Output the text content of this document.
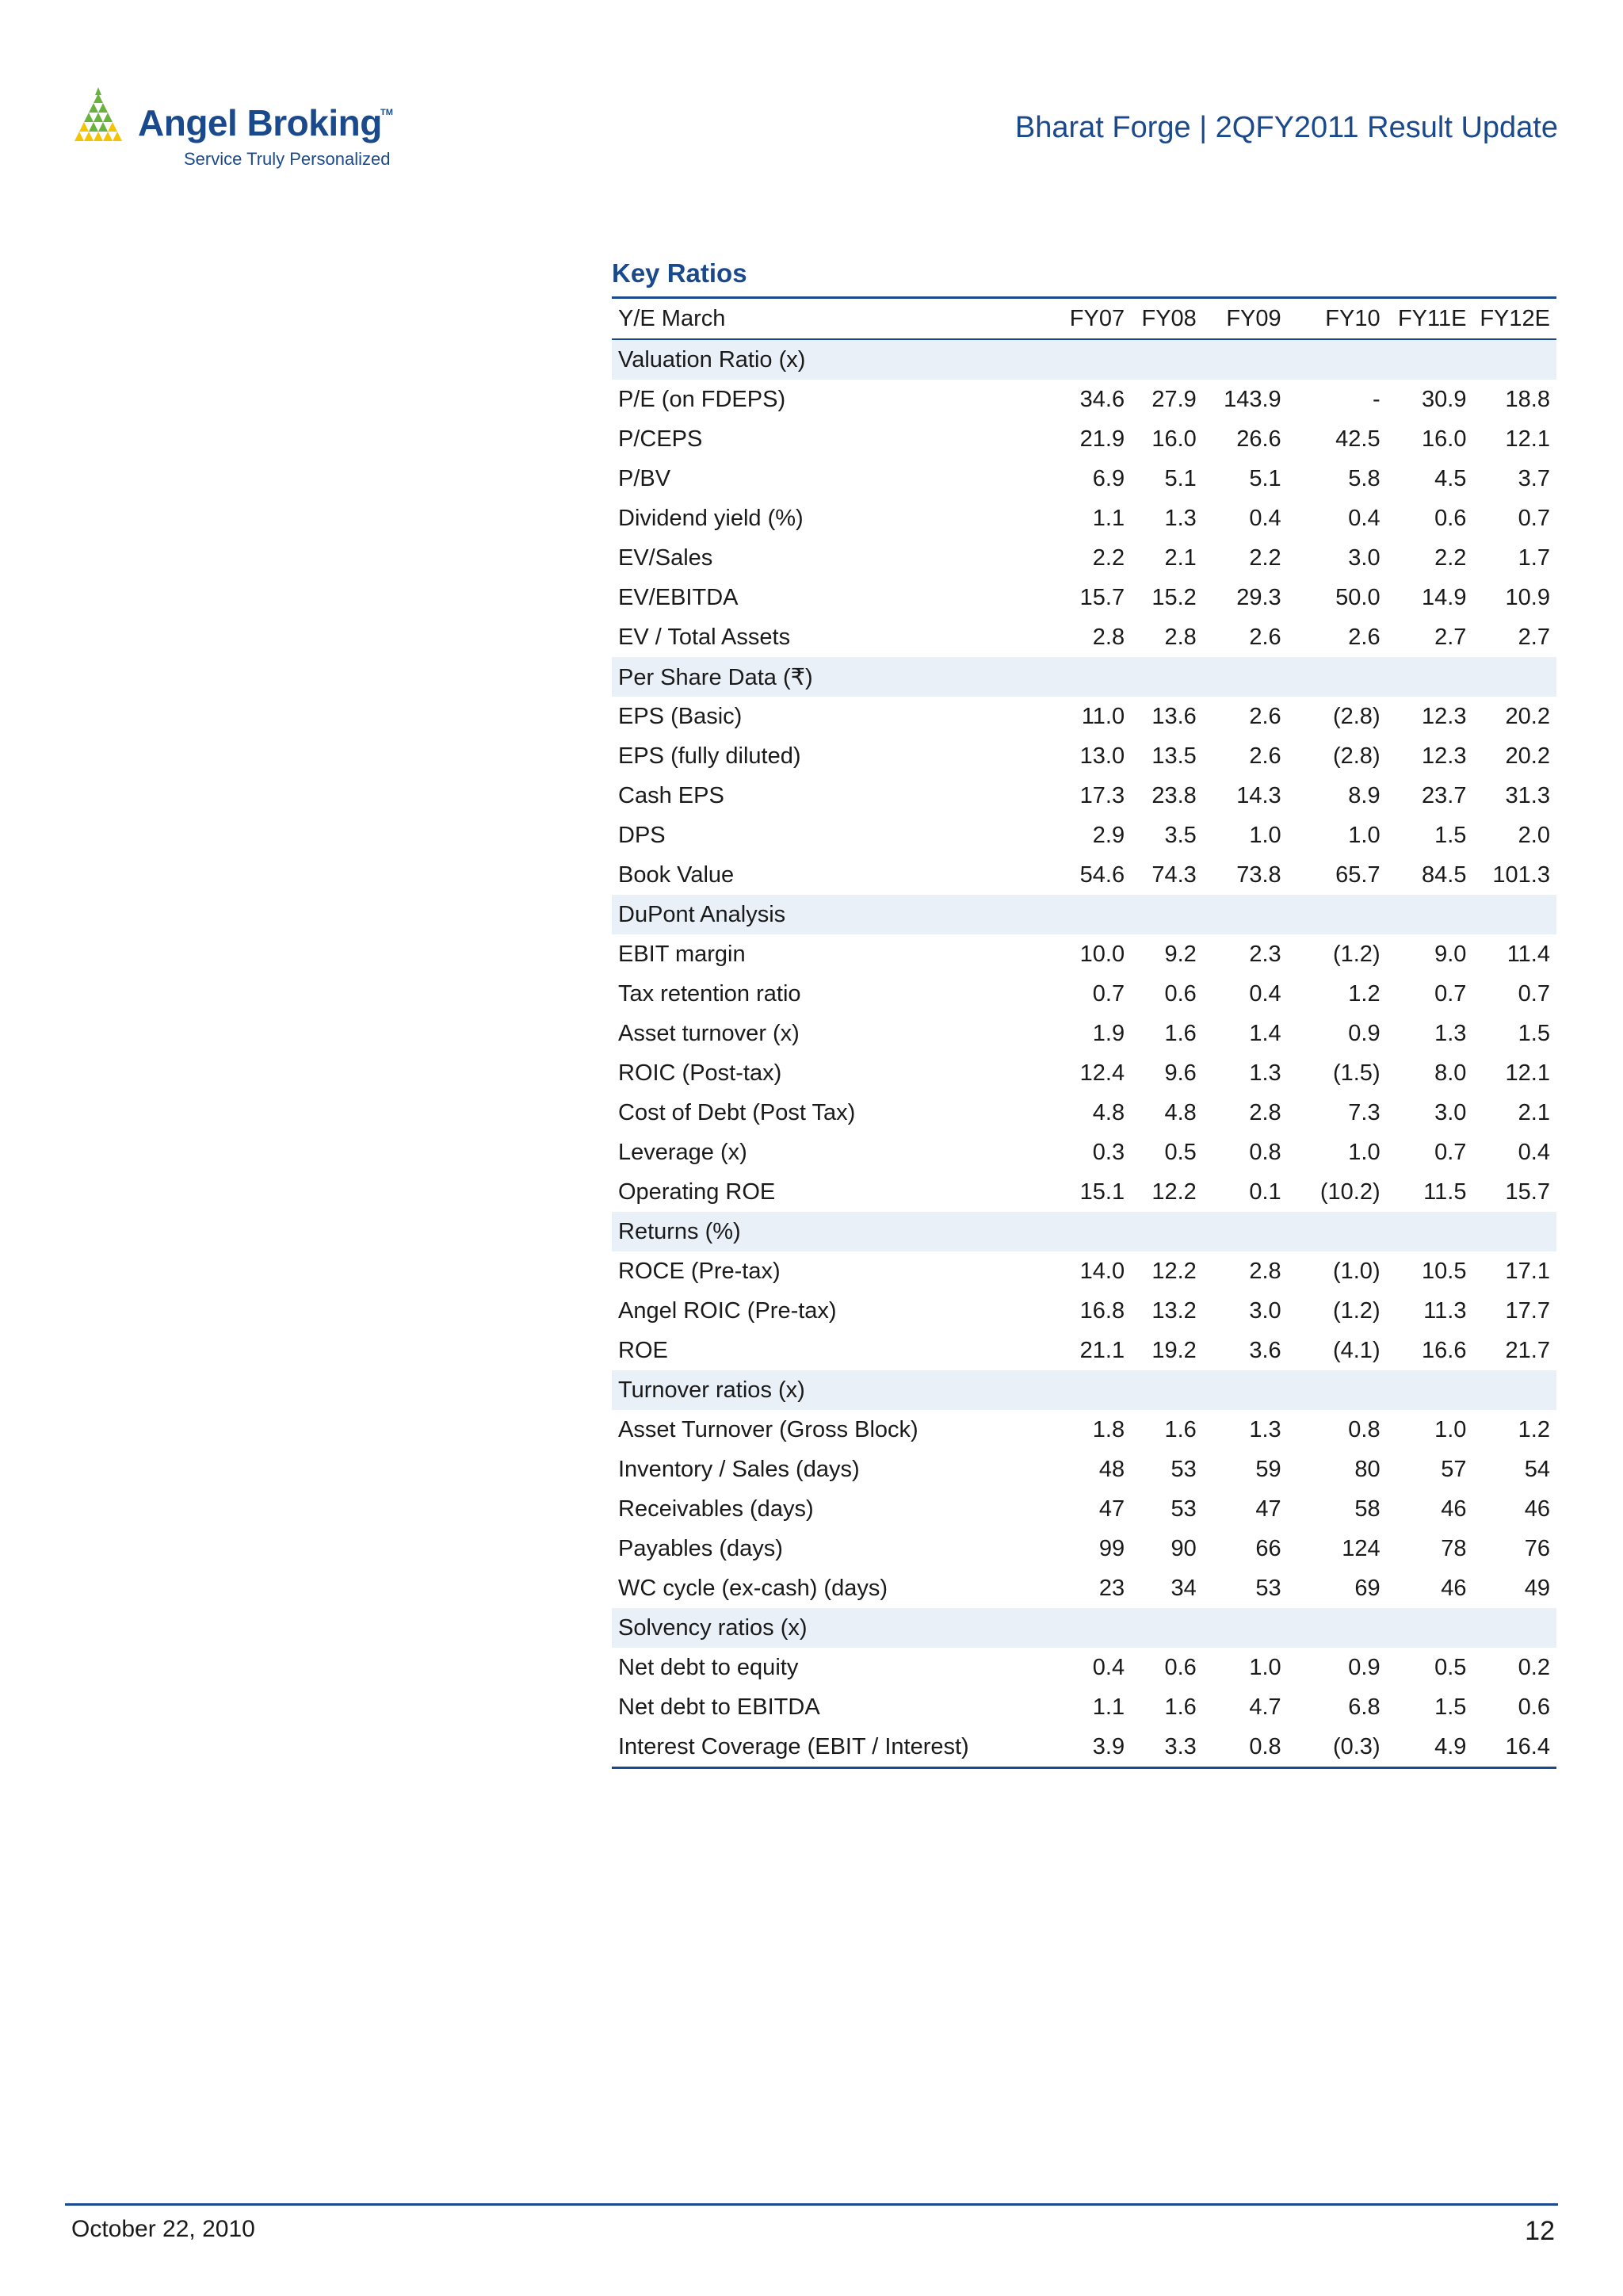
Angel Broking
TM
Service Truly Personalized
Bharat Forge | 2QFY2011 Result Update
Key Ratios
Y/E March	FY07	FY08	FY09	FY10	FY11E	FY12E
Valuation Ratio (x)						
P/E (on FDEPS)	34.6	27.9	143.9	-	30.9	18.8
P/CEPS	21.9	16.0	26.6	42.5	16.0	12.1
P/BV	6.9	5.1	5.1	5.8	4.5	3.7
Dividend yield (%)	1.1	1.3	0.4	0.4	0.6	0.7
EV/Sales	2.2	2.1	2.2	3.0	2.2	1.7
EV/EBITDA	15.7	15.2	29.3	50.0	14.9	10.9
EV / Total Assets	2.8	2.8	2.6	2.6	2.7	2.7
Per Share Data (₹)						
EPS (Basic)	11.0	13.6	2.6	(2.8)	12.3	20.2
EPS (fully diluted)	13.0	13.5	2.6	(2.8)	12.3	20.2
Cash EPS	17.3	23.8	14.3	8.9	23.7	31.3
DPS	2.9	3.5	1.0	1.0	1.5	2.0
Book Value	54.6	74.3	73.8	65.7	84.5	101.3
DuPont Analysis						
EBIT margin	10.0	9.2	2.3	(1.2)	9.0	11.4
Tax retention ratio	0.7	0.6	0.4	1.2	0.7	0.7
Asset turnover (x)	1.9	1.6	1.4	0.9	1.3	1.5
ROIC (Post-tax)	12.4	9.6	1.3	(1.5)	8.0	12.1
Cost of Debt (Post Tax)	4.8	4.8	2.8	7.3	3.0	2.1
Leverage (x)	0.3	0.5	0.8	1.0	0.7	0.4
Operating ROE	15.1	12.2	0.1	(10.2)	11.5	15.7
Returns (%)						
ROCE (Pre-tax)	14.0	12.2	2.8	(1.0)	10.5	17.1
Angel ROIC (Pre-tax)	16.8	13.2	3.0	(1.2)	11.3	17.7
ROE	21.1	19.2	3.6	(4.1)	16.6	21.7
Turnover ratios (x)						
Asset Turnover (Gross Block)	1.8	1.6	1.3	0.8	1.0	1.2
Inventory / Sales (days)	48	53	59	80	57	54
Receivables (days)	47	53	47	58	46	46
Payables (days)	99	90	66	124	78	76
WC cycle (ex-cash) (days)	23	34	53	69	46	49
Solvency ratios (x)						
Net debt to equity	0.4	0.6	1.0	0.9	0.5	0.2
Net debt to EBITDA	1.1	1.6	4.7	6.8	1.5	0.6
Interest Coverage (EBIT / Interest)	3.9	3.3	0.8	(0.3)	4.9	16.4
October 22, 2010	12
